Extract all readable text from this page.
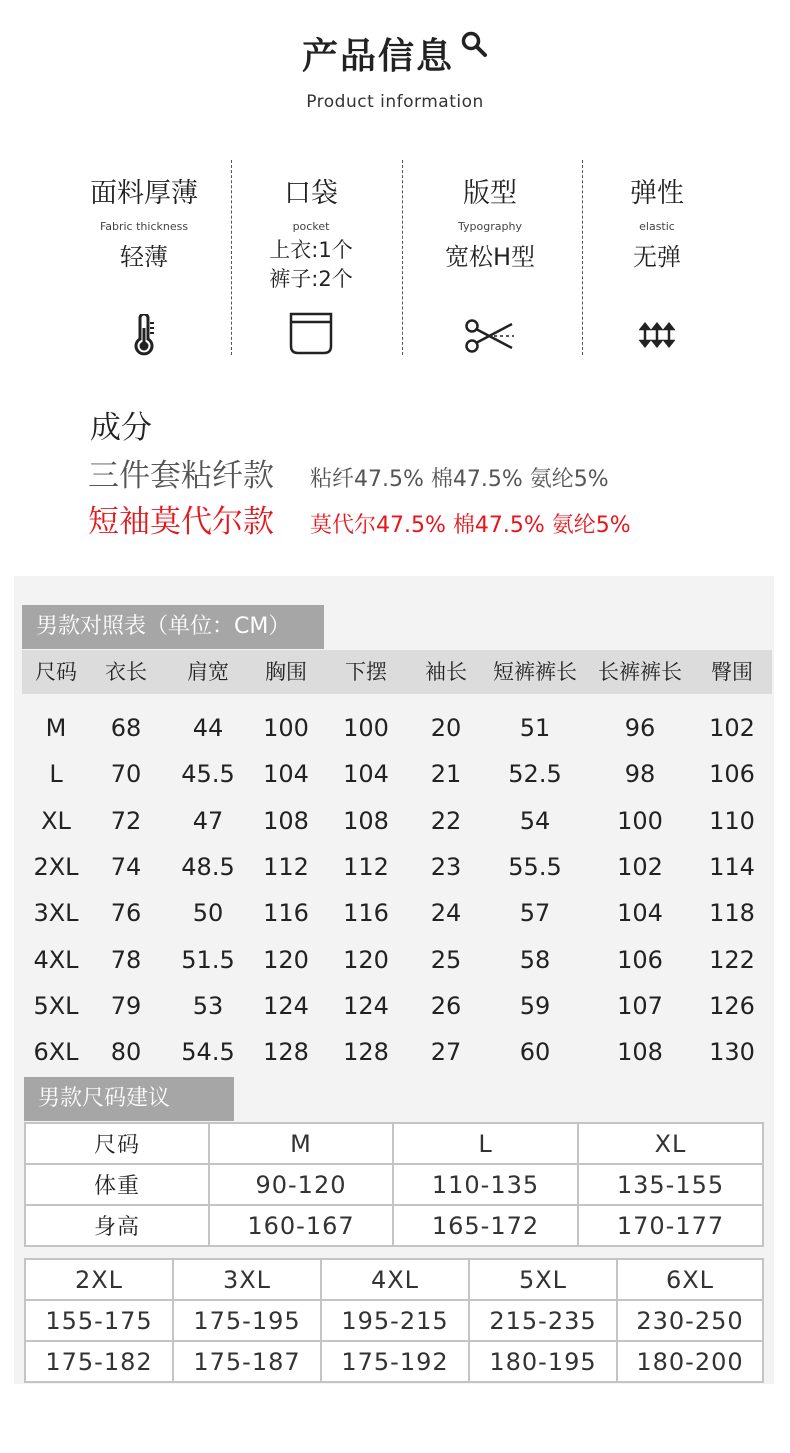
产品信息
Product information
面料厚薄
Fabric thickness
轻薄
口袋
pocket
上衣:1个
裤子:2个
版型
Typography
宽松H型
弹性
elastic
无弹
成分
三件套粘纤款 粘纤47.5% 棉47.5% 氨纶5%
短袖莫代尔款 莫代尔47.5% 棉47.5% 氨纶5%
男款对照表（单位：CM）
尺码	衣长	肩宽	胸围	下摆	袖长	短裤裤长	长裤裤长	臀围
M	68	44	100	100	20	51	96	102
L	70	45.5	104	104	21	52.5	98	106
XL	72	47	108	108	22	54	100	110
2XL	74	48.5	112	112	23	55.5	102	114
3XL	76	50	116	116	24	57	104	118
4XL	78	51.5	120	120	25	58	106	122
5XL	79	53	124	124	26	59	107	126
6XL	80	54.5	128	128	27	60	108	130
男款尺码建议
尺码	M	L	XL
体重	90-120	110-135	135-155
身高	160-167	165-172	170-177
2XL	3XL	4XL	5XL	6XL
155-175	175-195	195-215	215-235	230-250
175-182	175-187	175-192	180-195	180-200
